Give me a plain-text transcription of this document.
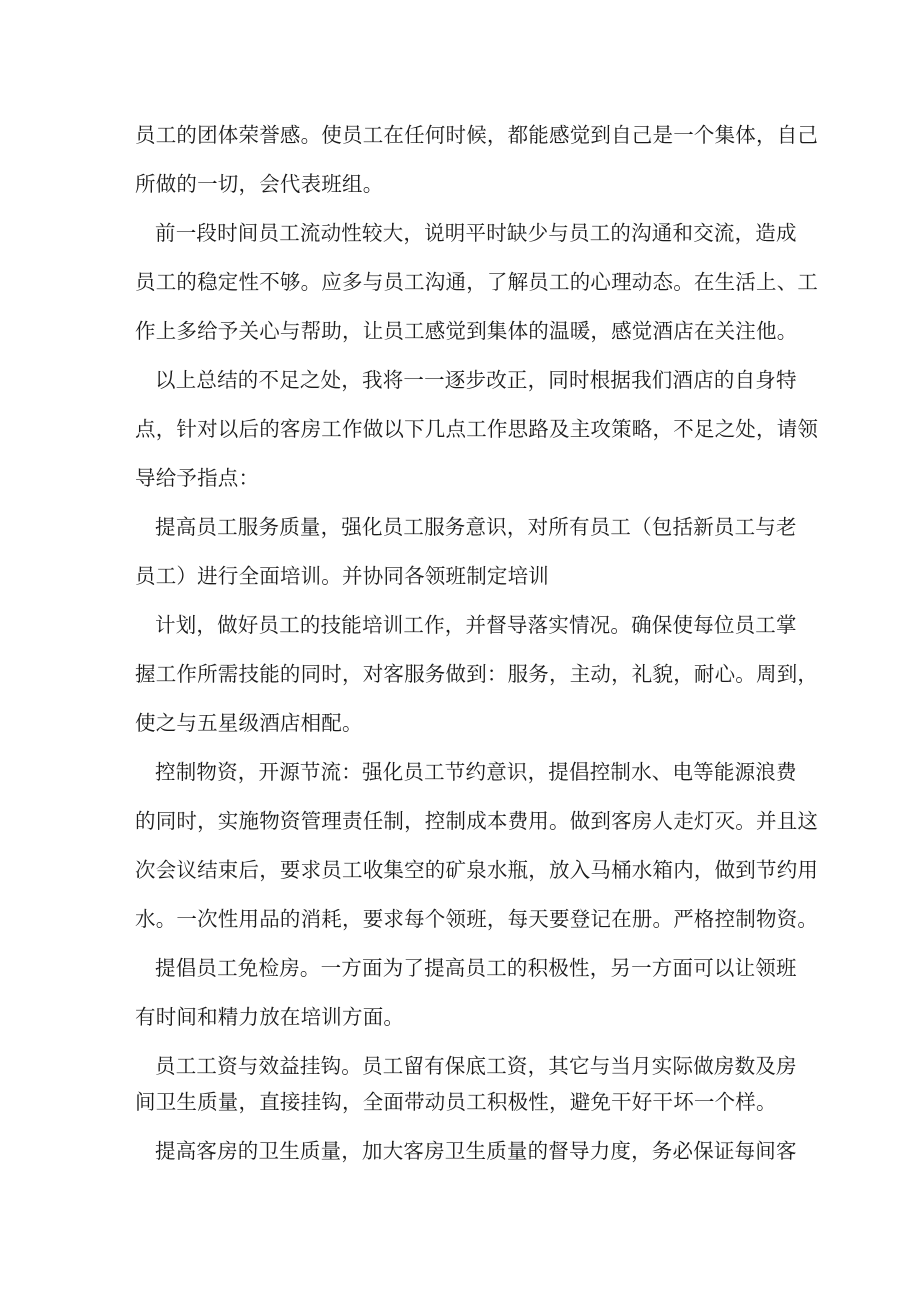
员工的团体荣誉感。使员工在任何时候，都能感觉到自己是一个集体，自己
所做的一切，会代表班组。
前一段时间员工流动性较大，说明平时缺少与员工的沟通和交流，造成
员工的稳定性不够。应多与员工沟通，了解员工的心理动态。在生活上、工
作上多给予关心与帮助，让员工感觉到集体的温暖，感觉酒店在关注他。
以上总结的不足之处，我将一一逐步改正，同时根据我们酒店的自身特
点，针对以后的客房工作做以下几点工作思路及主攻策略，不足之处，请领
导给予指点：
提高员工服务质量，强化员工服务意识，对所有员工（包括新员工与老
员工）进行全面培训。并协同各领班制定培训
计划，做好员工的技能培训工作，并督导落实情况。确保使每位员工掌
握工作所需技能的同时，对客服务做到：服务，主动，礼貌，耐心。周到，
使之与五星级酒店相配。
控制物资，开源节流：强化员工节约意识，提倡控制水、电等能源浪费
的同时，实施物资管理责任制，控制成本费用。做到客房人走灯灭。并且这
次会议结束后，要求员工收集空的矿泉水瓶，放入马桶水箱内，做到节约用
水。一次性用品的消耗，要求每个领班，每天要登记在册。严格控制物资。
提倡员工免检房。一方面为了提高员工的积极性，另一方面可以让领班
有时间和精力放在培训方面。
员工工资与效益挂钩。员工留有保底工资，其它与当月实际做房数及房
间卫生质量，直接挂钩，全面带动员工积极性，避免干好干坏一个样。
提高客房的卫生质量，加大客房卫生质量的督导力度，务必保证每间客
